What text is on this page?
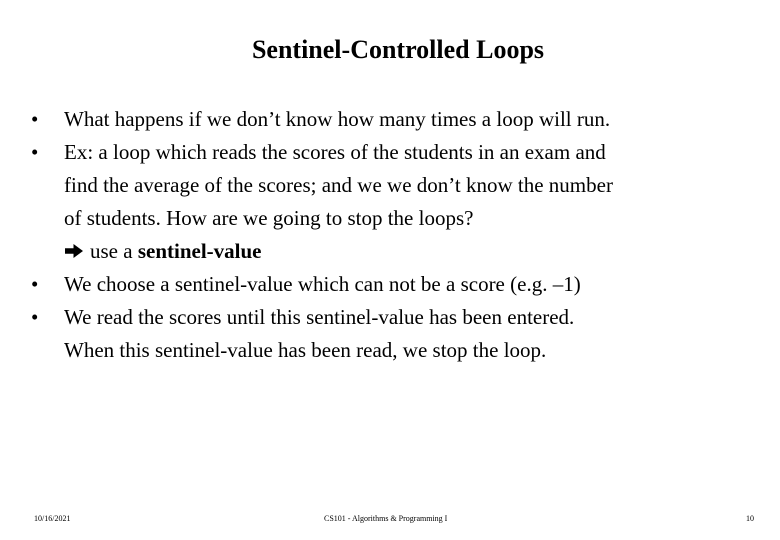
Sentinel-Controlled Loops
•	What happens if we don’t know how many times a loop will run.
•	Ex: a loop which reads the scores of the students in an exam and
find the average of the scores; and we we don’t know the number
of students. How are we going to stop the loops?
use a sentinel-value
•	We choose a sentinel-value which can not be a score (e.g. –1)
•	We read the scores until this sentinel-value has been entered.
When this sentinel-value has been read, we stop the loop.
10/16/2021	CS101 - Algorithms & Programming I	10
